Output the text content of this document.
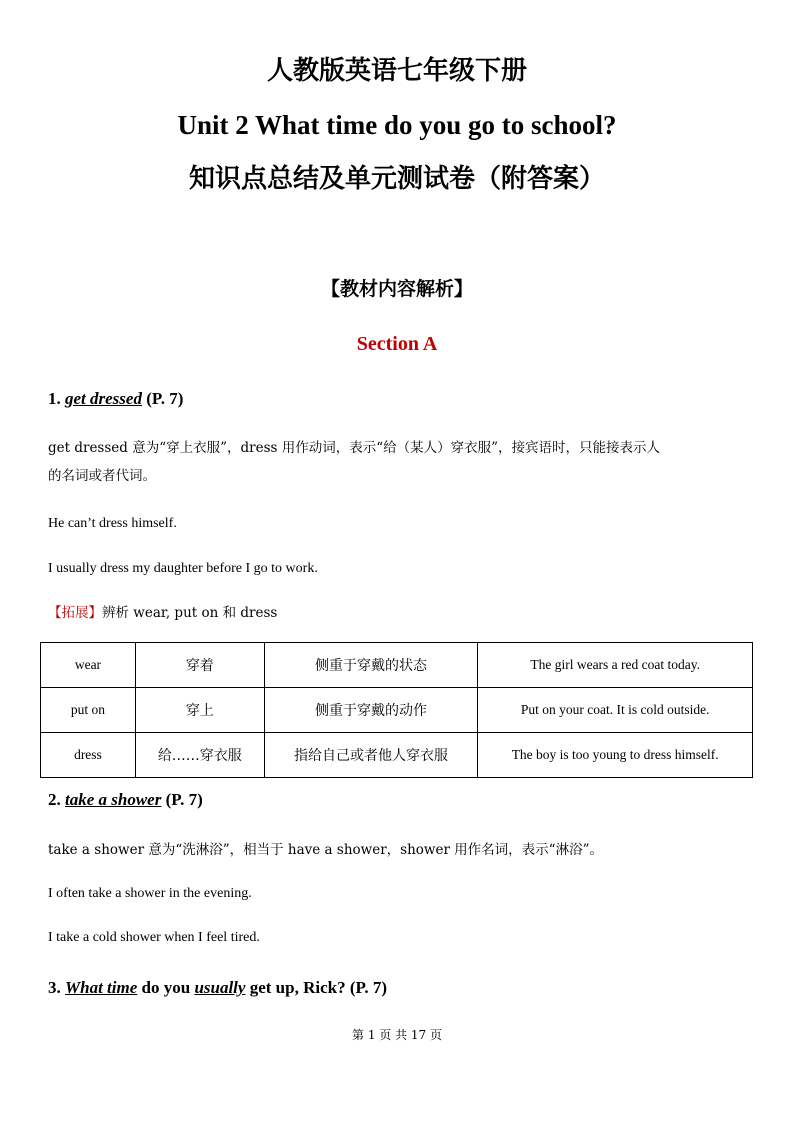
人教版英语七年级下册
Unit 2 What time do you go to school?
知识点总结及单元测试卷（附答案）
【教材内容解析】
Section A
1. get dressed (P. 7)
get dressed 意为“穿上衣服”，dress 用作动词，表示“给（某人）穿衣服”，接宾语时，只能接表示人
的名词或者代词。
He can’t dress himself.
I usually dress my daughter before I go to work.
【拓展】辨析 wear, put on 和 dress
wear	穿着	侧重于穿戴的状态	The girl wears a red coat today.
put on	穿上	侧重于穿戴的动作	Put on your coat. It is cold outside.
dress	给……穿衣服	指给自己或者他人穿衣服	The boy is too young to dress himself.
2. take a shower (P. 7)
take a shower 意为“洗淋浴”，相当于 have a shower，shower 用作名词，表示“淋浴”。
I often take a shower in the evening.
I take a cold shower when I feel tired.
3. What time do you usually get up, Rick? (P. 7)
第 1 页 共 17 页
